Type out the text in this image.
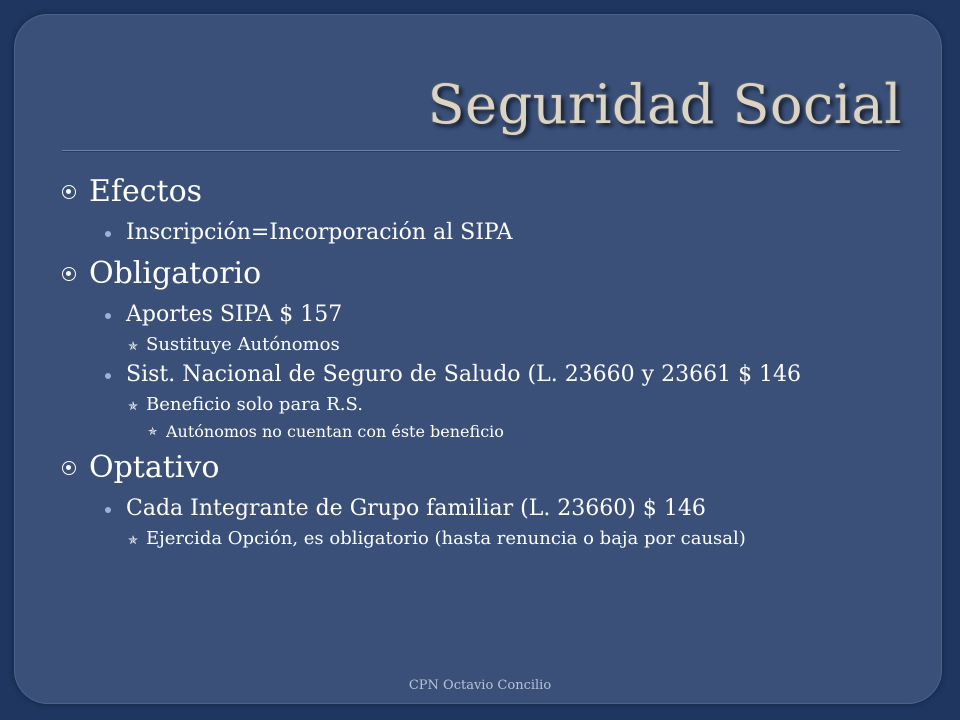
Seguridad Social
Efectos
Inscripción=Incorporación al SIPA
Obligatorio
Aportes SIPA $ 157
✯ Sustituye Autónomos
Sist. Nacional de Seguro de Saludo (L. 23660 y 23661 $ 146
✯ Beneficio solo para R.S.
✯ Autónomos no cuentan con éste beneficio
Optativo
Cada Integrante de Grupo familiar (L. 23660) $ 146
✯ Ejercida Opción, es obligatorio (hasta renuncia o baja por causal)
CPN Octavio Concilio
